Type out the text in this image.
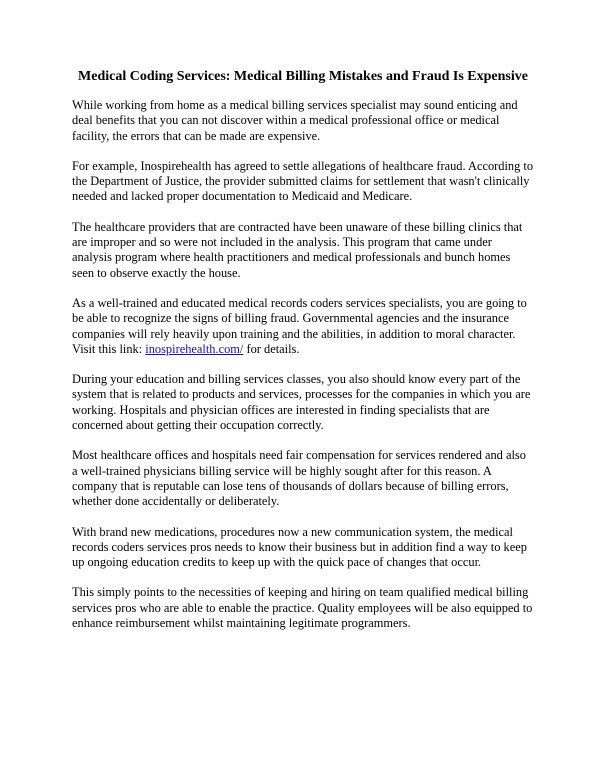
Medical Coding Services: Medical Billing Mistakes and Fraud Is Expensive

While working from home as a medical billing services specialist may sound enticing and deal benefits that you can not discover within a medical professional office or medical facility, the errors that can be made are expensive.

For example, Inospirehealth has agreed to settle allegations of healthcare fraud. According to the Department of Justice, the provider submitted claims for settlement that wasn't clinically needed and lacked proper documentation to Medicaid and Medicare.

The healthcare providers that are contracted have been unaware of these billing clinics that are improper and so were not included in the analysis. This program that came under analysis program where health practitioners and medical professionals and bunch homes seen to observe exactly the house.

As a well-trained and educated medical records coders services specialists, you are going to be able to recognize the signs of billing fraud. Governmental agencies and the insurance companies will rely heavily upon training and the abilities, in addition to moral character. Visit this link: inospirehealth.com/ for details.

During your education and billing services classes, you also should know every part of the system that is related to products and services, processes for the companies in which you are working. Hospitals and physician offices are interested in finding specialists that are concerned about getting their occupation correctly.

Most healthcare offices and hospitals need fair compensation for services rendered and also a well-trained physicians billing service will be highly sought after for this reason. A company that is reputable can lose tens of thousands of dollars because of billing errors, whether done accidentally or deliberately.

With brand new medications, procedures now a new communication system, the medical records coders services pros needs to know their business but in addition find a way to keep up ongoing education credits to keep up with the quick pace of changes that occur.

This simply points to the necessities of keeping and hiring on team qualified medical billing services pros who are able to enable the practice. Quality employees will be also equipped to enhance reimbursement whilst maintaining legitimate programmers.
